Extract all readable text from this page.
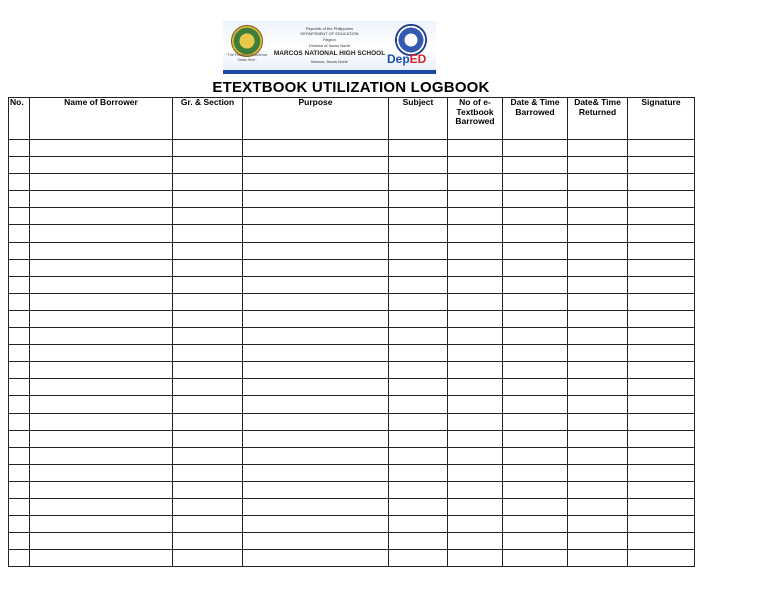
Republic of the Philippines
DEPARTMENT OF EDUCATION
Region
Division of Ilocos Norte
MARCOS NATIONAL HIGH SCHOOL
Marcos, Ilocos Norte
"The Pursuit to Excellence Starts Here"	DepED
ETEXTBOOK UTILIZATION LOGBOOK
No.	Name of Borrower	Gr. & Section	Purpose	Subject	No of e-Textbook Barrowed	Date & Time Barrowed	Date& Time Returned	Signature
